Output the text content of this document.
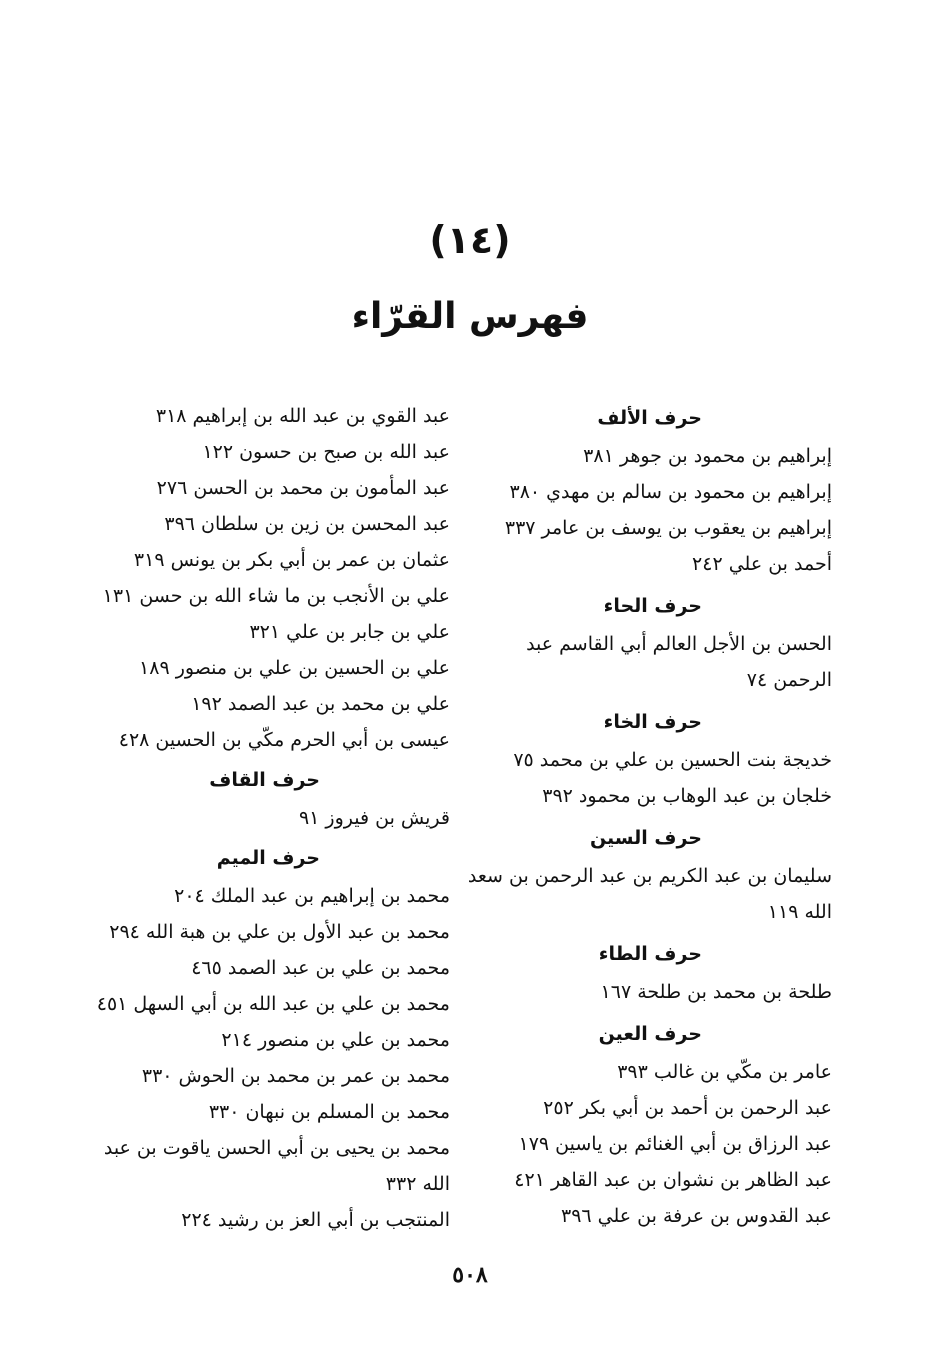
(١٤)
فهرس القرّاء
حرف الألف
إبراهيم بن محمود بن جوهر ٣٨١
إبراهيم بن محمود بن سالم بن مهدي ٣٨٠
إبراهيم بن يعقوب بن يوسف بن عامر ٣٣٧
أحمد بن علي ٢٤٢
حرف الحاء
الحسن بن الأجل العالم أبي القاسم عبد الرحمن ٧٤
حرف الخاء
خديجة بنت الحسين بن علي بن محمد ٧٥
خلجان بن عبد الوهاب بن محمود ٣٩٢
حرف السين
سليمان بن عبد الكريم بن عبد الرحمن بن سعد الله ١١٩
حرف الطاء
طلحة بن محمد بن طلحة ١٦٧
حرف العين
عامر بن مكّي بن غالب ٣٩٣
عبد الرحمن بن أحمد بن أبي بكر ٢٥٢
عبد الرزاق بن أبي الغنائم بن ياسين ١٧٩
عبد الظاهر بن نشوان بن عبد القاهر ٤٢١
عبد القدوس بن عرفة بن علي ٣٩٦
عبد القوي بن عبد الله بن إبراهيم ٣١٨
عبد الله بن صبح بن حسون ١٢٢
عبد المأمون بن محمد بن الحسن ٢٧٦
عبد المحسن بن زين بن سلطان ٣٩٦
عثمان بن عمر بن أبي بكر بن يونس ٣١٩
علي بن الأنجب بن ما شاء الله بن حسن ١٣١
علي بن جابر بن علي ٣٢١
علي بن الحسين بن علي بن منصور ١٨٩
علي بن محمد بن عبد الصمد ١٩٢
عيسى بن أبي الحرم مكّي بن الحسين ٤٢٨
حرف القاف
قريش بن فيروز ٩١
حرف الميم
محمد بن إبراهيم بن عبد الملك ٢٠٤
محمد بن عبد الأول بن علي بن هبة الله ٢٩٤
محمد بن علي بن عبد الصمد ٤٦٥
محمد بن علي بن عبد الله بن أبي السهل ٤٥١
محمد بن علي بن منصور ٢١٤
محمد بن عمر بن محمد بن الحوش ٣٣٠
محمد بن المسلم بن نبهان ٣٣٠
محمد بن يحيى بن أبي الحسن ياقوت بن عبد الله ٣٣٢
المنتجب بن أبي العز بن رشيد ٢٢٤
٥٠٨
